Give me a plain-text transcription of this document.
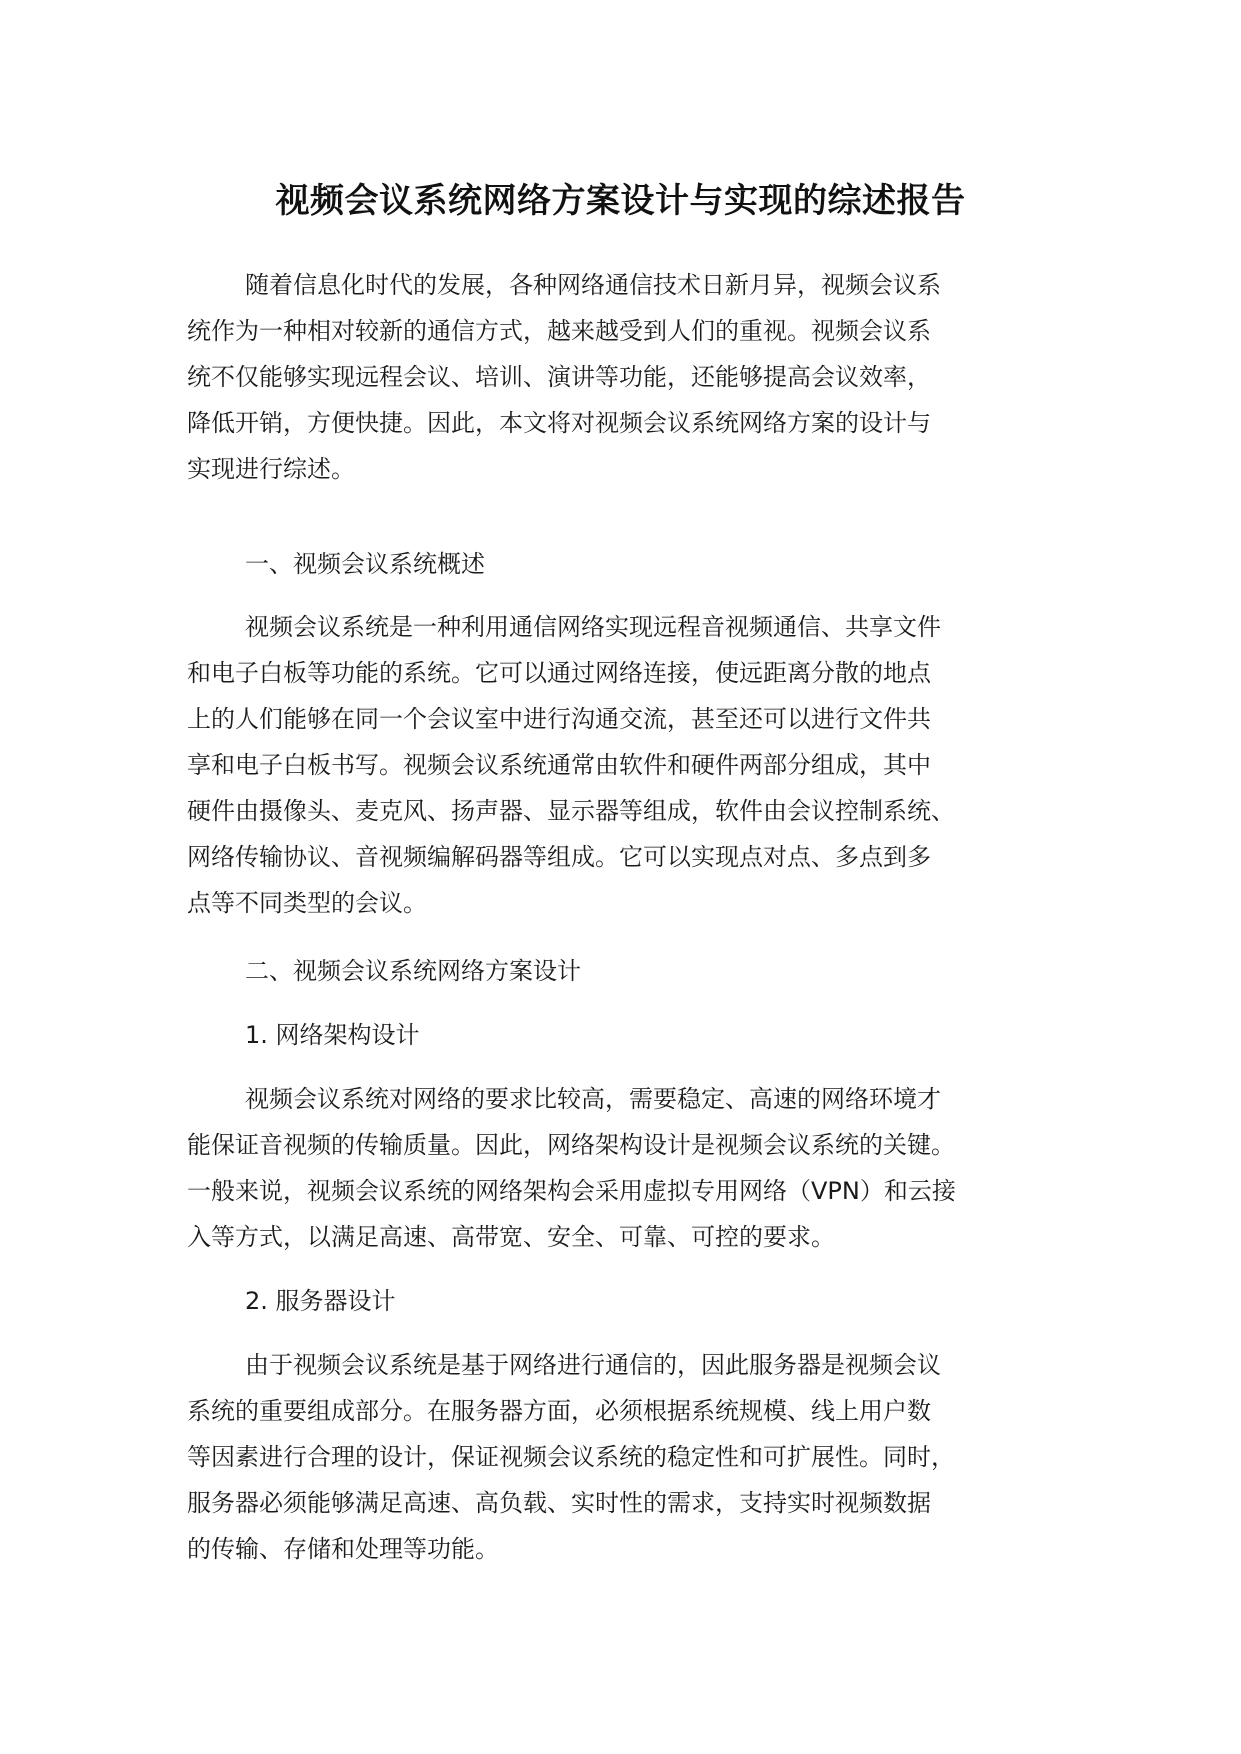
视频会议系统网络方案设计与实现的综述报告
随着信息化时代的发展，各种网络通信技术日新月异，视频会议系
统作为一种相对较新的通信方式，越来越受到人们的重视。视频会议系
统不仅能够实现远程会议、培训、演讲等功能，还能够提高会议效率，
降低开销，方便快捷。因此，本文将对视频会议系统网络方案的设计与
实现进行综述。
一、视频会议系统概述
视频会议系统是一种利用通信网络实现远程音视频通信、共享文件
和电子白板等功能的系统。它可以通过网络连接，使远距离分散的地点
上的人们能够在同一个会议室中进行沟通交流，甚至还可以进行文件共
享和电子白板书写。视频会议系统通常由软件和硬件两部分组成，其中
硬件由摄像头、麦克风、扬声器、显示器等组成，软件由会议控制系统、
网络传输协议、音视频编解码器等组成。它可以实现点对点、多点到多
点等不同类型的会议。
二、视频会议系统网络方案设计
1. 网络架构设计
视频会议系统对网络的要求比较高，需要稳定、高速的网络环境才
能保证音视频的传输质量。因此，网络架构设计是视频会议系统的关键。
一般来说，视频会议系统的网络架构会采用虚拟专用网络（VPN）和云接
入等方式，以满足高速、高带宽、安全、可靠、可控的要求。
2. 服务器设计
由于视频会议系统是基于网络进行通信的，因此服务器是视频会议
系统的重要组成部分。在服务器方面，必须根据系统规模、线上用户数
等因素进行合理的设计，保证视频会议系统的稳定性和可扩展性。同时，
服务器必须能够满足高速、高负载、实时性的需求，支持实时视频数据
的传输、存储和处理等功能。
